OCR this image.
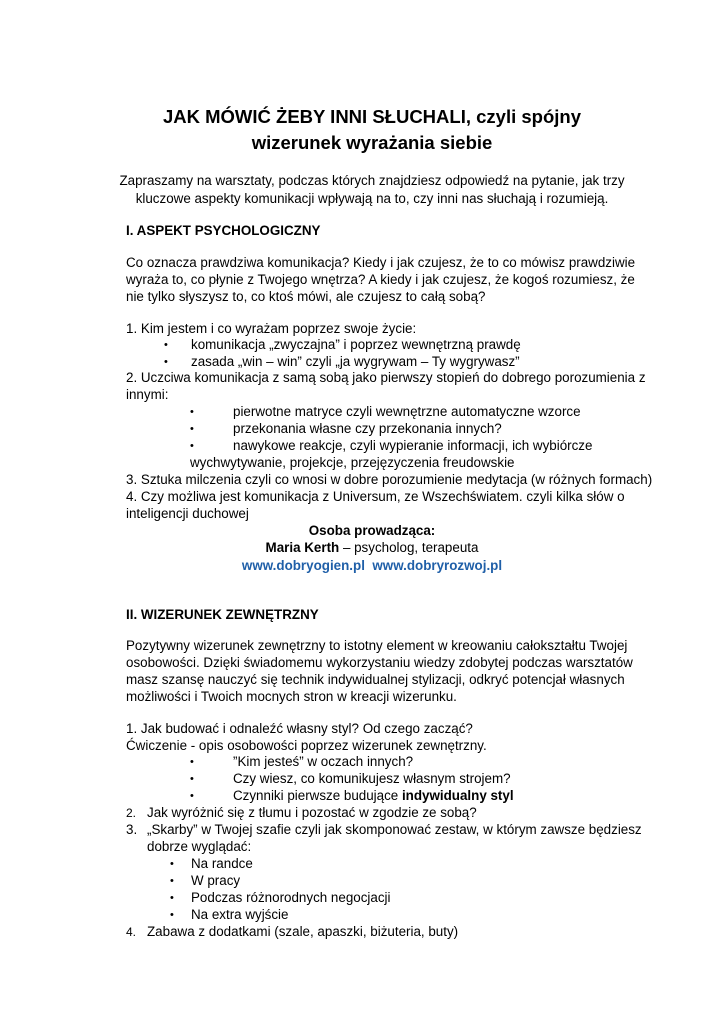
JAK MÓWIĆ ŻEBY INNI SŁUCHALI, czyli spójny
wizerunek wyrażania siebie
Zapraszamy na warsztaty, podczas których znajdziesz odpowiedź na pytanie, jak trzy
kluczowe aspekty komunikacji wpływają na to, czy inni nas słuchają i rozumieją.
I. ASPEKT PSYCHOLOGICZNY
Co oznacza prawdziwa komunikacja? Kiedy i jak czujesz, że to co mówisz prawdziwie
wyraża to, co płynie z Twojego wnętrza? A kiedy i jak czujesz, że kogoś rozumiesz, że
nie tylko słyszysz to, co ktoś mówi, ale czujesz to całą sobą?
1. Kim jestem i co wyrażam poprzez swoje życie:
• komunikacja „zwyczajna” i poprzez wewnętrzną prawdę
• zasada „win – win” czyli „ja wygrywam – Ty wygrywasz”
2. Uczciwa komunikacja z samą sobą jako pierwszy stopień do dobrego porozumienia z
innymi:
•	pierwotne matryce czyli wewnętrzne automatyczne wzorce
•	przekonania własne czy przekonania innych?
•	nawykowe reakcje, czyli wypieranie informacji, ich wybiórcze
wychwytywanie, projekcje, przejęzyczenia freudowskie
3. Sztuka milczenia czyli co wnosi w dobre porozumienie medytacja (w różnych formach)
4. Czy możliwa jest komunikacja z Universum, ze Wszechświatem. czyli kilka słów o
inteligencji duchowej
Osoba prowadząca:
Maria Kerth – psycholog, terapeuta
www.dobryogien.pl www.dobryrozwoj.pl
II. WIZERUNEK ZEWNĘTRZNY
Pozytywny wizerunek zewnętrzny to istotny element w kreowaniu całokształtu Twojej
osobowości. Dzięki świadomemu wykorzystaniu wiedzy zdobytej podczas warsztatów
masz szansę nauczyć się technik indywidualnej stylizacji, odkryć potencjał własnych
możliwości i Twoich mocnych stron w kreacji wizerunku.
1. Jak budować i odnaleźć własny styl? Od czego zacząć?
Ćwiczenie - opis osobowości poprzez wizerunek zewnętrzny.
•	”Kim jesteś” w oczach innych?
•	Czy wiesz, co komunikujesz własnym strojem?
•	Czynniki pierwsze budujące indywidualny styl
2. Jak wyróżnić się z tłumu i pozostać w zgodzie ze sobą?
3. „Skarby” w Twojej szafie czyli jak skomponować zestaw, w którym zawsze będziesz
dobrze wyglądać:
• Na randce
• W pracy
• Podczas różnorodnych negocjacji
• Na extra wyjście
4. Zabawa z dodatkami (szale, apaszki, biżuteria, buty)
